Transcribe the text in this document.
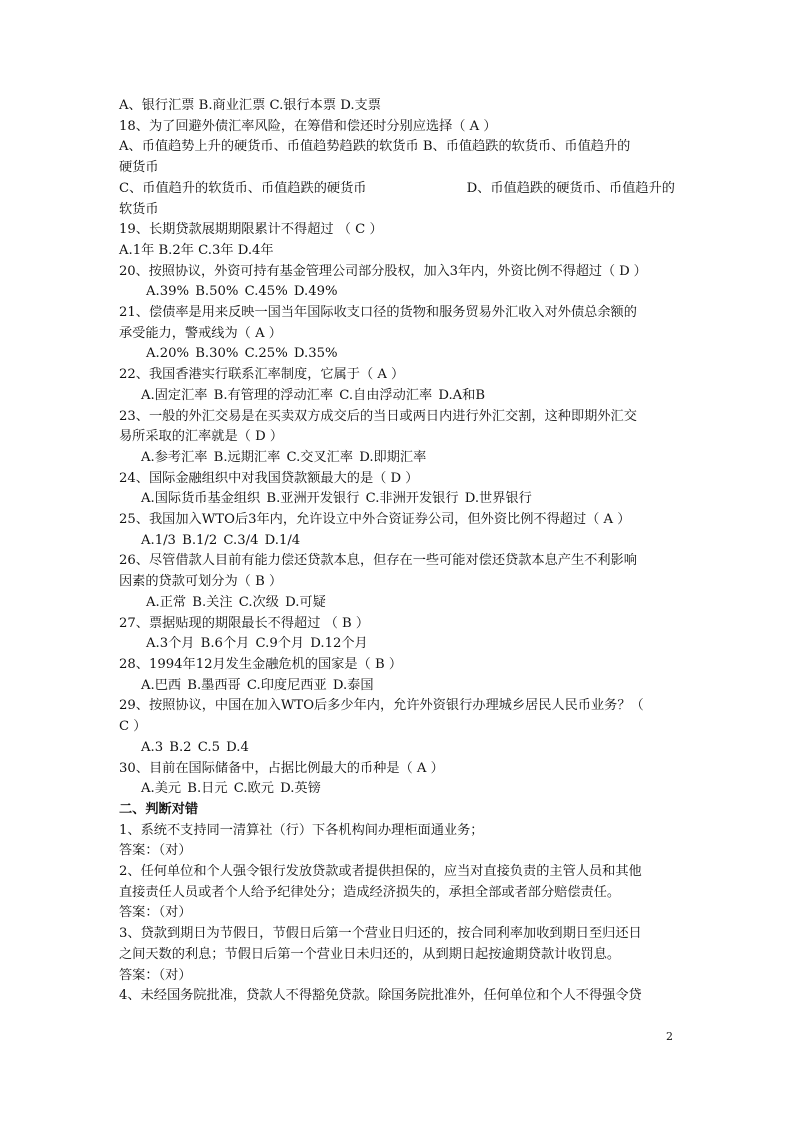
A、银行汇票 B.商业汇票 C.银行本票 D.支票
18、为了回避外债汇率风险，在筹借和偿还时分别应选择（ A ）
A、币值趋势上升的硬货币、币值趋势趋跌的软货币 B、币值趋跌的软货币、币值趋升的
硬货币
C、币值趋升的软货币、币值趋跌的硬货币	D、币值趋跌的硬货币、币值趋升的
软货币
19、长期贷款展期期限累计不得超过 （ C ）
A.1年 B.2年 C.3年 D.4年
20、按照协议，外资可持有基金管理公司部分股权，加入3年内，外资比例不得超过（ D ）
A.39% B.50% C.45% D.49%
21、偿债率是用来反映一国当年国际收支口径的货物和服务贸易外汇收入对外债总余额的
承受能力，警戒线为（ A ）
A.20% B.30% C.25% D.35%
22、我国香港实行联系汇率制度，它属于（ A ）
A.固定汇率 B.有管理的浮动汇率 C.自由浮动汇率 D.A和B
23、一般的外汇交易是在买卖双方成交后的当日或两日内进行外汇交割，这种即期外汇交
易所采取的汇率就是（ D ）
A.参考汇率 B.远期汇率 C.交叉汇率 D.即期汇率
24、国际金融组织中对我国贷款额最大的是（ D ）
A.国际货币基金组织 B.亚洲开发银行 C.非洲开发银行 D.世界银行
25、我国加入WTO后3年内，允许设立中外合资证券公司，但外资比例不得超过（ A ）
A.1/3 B.1/2 C.3/4 D.1/4
26、尽管借款人目前有能力偿还贷款本息，但存在一些可能对偿还贷款本息产生不利影响
因素的贷款可划分为（ B ）
A.正常 B.关注 C.次级 D.可疑
27、票据贴现的期限最长不得超过 （ B ）
A.3个月 B.6个月 C.9个月 D.12个月
28、1994年12月发生金融危机的国家是（ B ）
A.巴西 B.墨西哥 C.印度尼西亚 D.泰国
29、按照协议，中国在加入WTO后多少年内，允许外资银行办理城乡居民人民币业务？（
C ）
A.3 B.2 C.5 D.4
30、目前在国际储备中，占据比例最大的币种是（ A ）
A.美元 B.日元 C.欧元 D.英镑
二、判断对错
1、系统不支持同一清算社（行）下各机构间办理柜面通业务；
答案：（对）
2、任何单位和个人强令银行发放贷款或者提供担保的，应当对直接负责的主管人员和其他
直接责任人员或者个人给予纪律处分；造成经济损失的，承担全部或者部分赔偿责任。
答案：（对）
3、贷款到期日为节假日，节假日后第一个营业日归还的，按合同利率加收到期日至归还日
之间天数的利息；节假日后第一个营业日未归还的，从到期日起按逾期贷款计收罚息。
答案：（对）
4、未经国务院批准，贷款人不得豁免贷款。除国务院批准外，任何单位和个人不得强令贷
2
